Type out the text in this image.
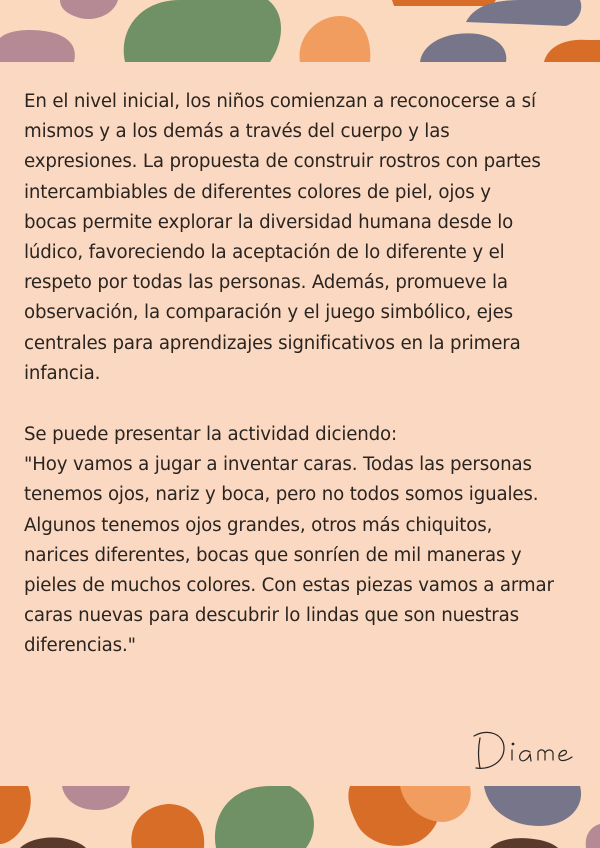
En el nivel inicial, los niños comienzan a reconocerse a sí
mismos y a los demás a través del cuerpo y las
expresiones. La propuesta de construir rostros con partes
intercambiables de diferentes colores de piel, ojos y
bocas permite explorar la diversidad humana desde lo
lúdico, favoreciendo la aceptación de lo diferente y el
respeto por todas las personas. Además, promueve la
observación, la comparación y el juego simbólico, ejes
centrales para aprendizajes significativos en la primera
infancia.

Se puede presentar la actividad diciendo:
"Hoy vamos a jugar a inventar caras. Todas las personas
tenemos ojos, nariz y boca, pero no todos somos iguales.
Algunos tenemos ojos grandes, otros más chiquitos,
narices diferentes, bocas que sonríen de mil maneras y
pieles de muchos colores. Con estas piezas vamos a armar
caras nuevas para descubrir lo lindas que son nuestras
diferencias."
